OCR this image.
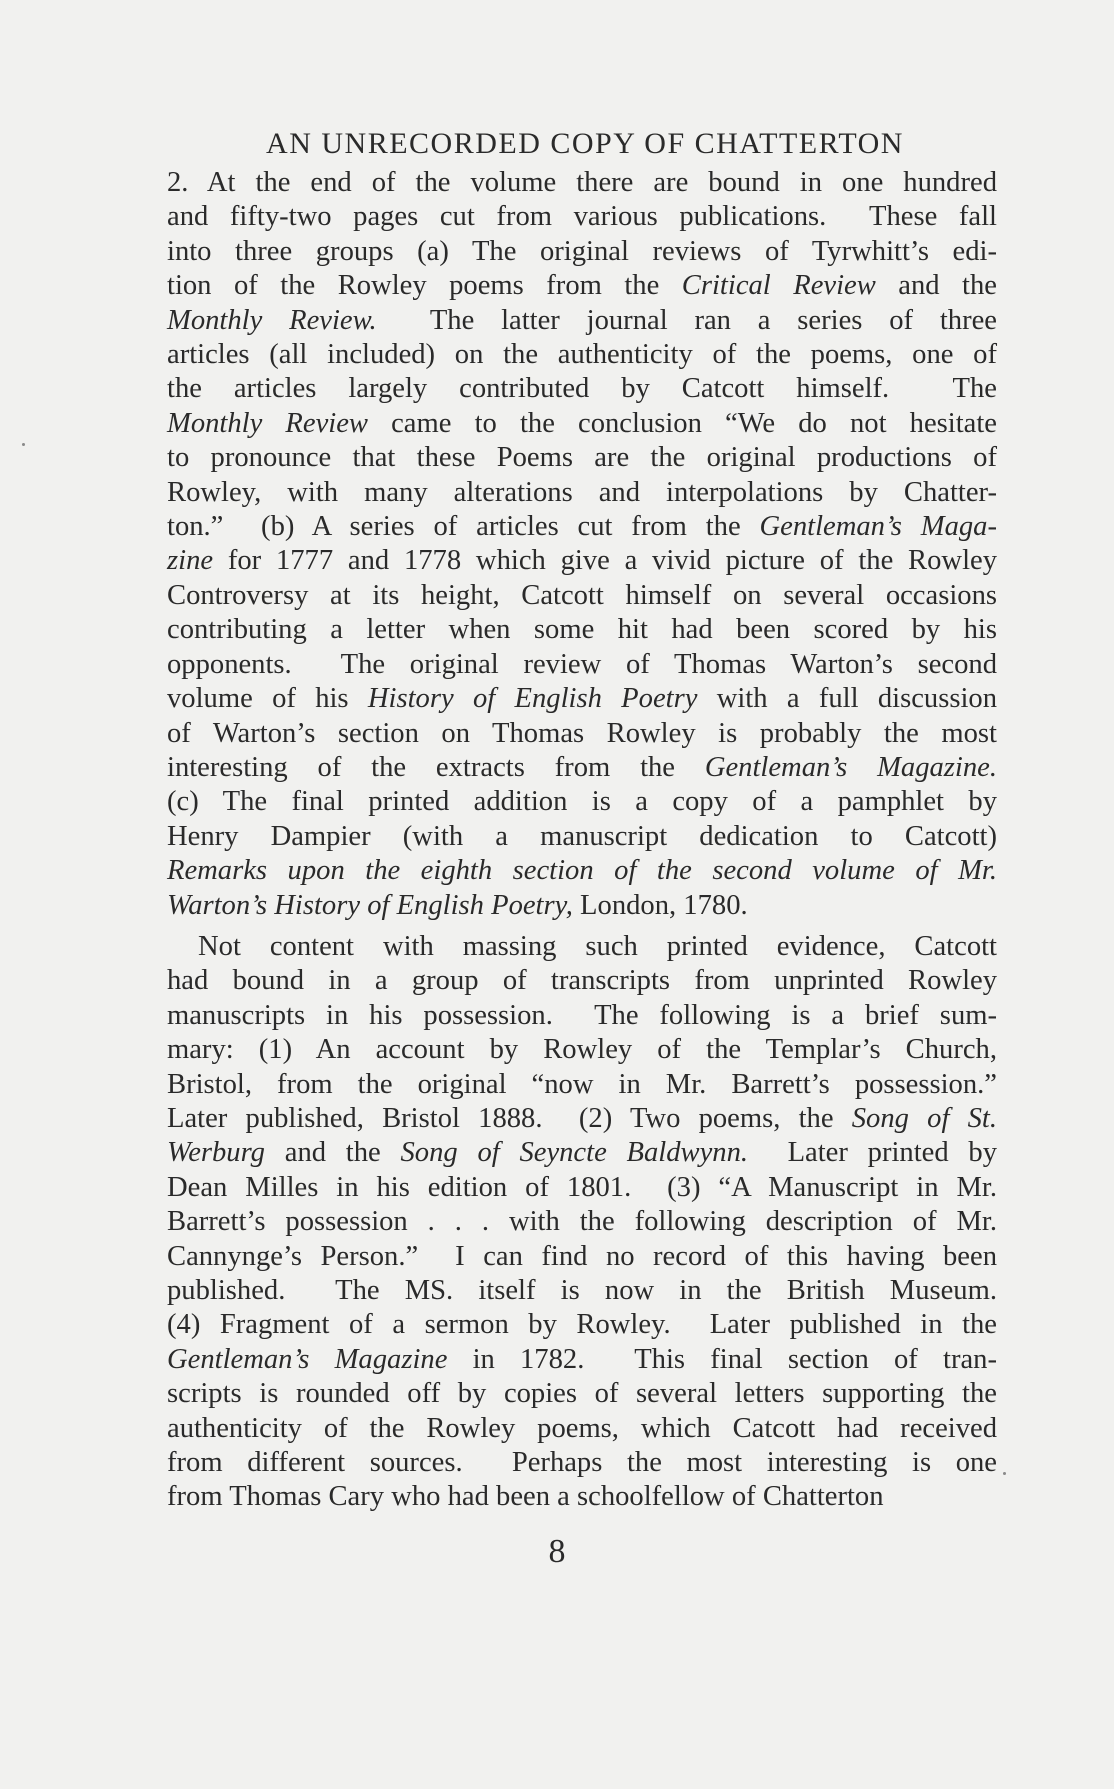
AN UNRECORDED COPY OF CHATTERTON

2. At the end of the volume there are bound in one hundred
and fifty-two pages cut from various publications.  These fall
into three groups (a) The original reviews of Tyrwhitt’s edi-
tion of the Rowley poems from the Critical Review and the
Monthly Review.  The latter journal ran a series of three
articles (all included) on the authenticity of the poems, one of
the articles largely contributed by Catcott himself.  The
Monthly Review came to the conclusion “We do not hesitate
to pronounce that these Poems are the original productions of
Rowley, with many alterations and interpolations by Chatter-
ton.”  (b) A series of articles cut from the Gentleman’s Maga-
zine for 1777 and 1778 which give a vivid picture of the Rowley
Controversy at its height, Catcott himself on several occasions
contributing a letter when some hit had been scored by his
opponents.  The original review of Thomas Warton’s second
volume of his History of English Poetry with a full discussion
of Warton’s section on Thomas Rowley is probably the most
interesting of the extracts from the Gentleman’s Magazine.
(c) The final printed addition is a copy of a pamphlet by
Henry Dampier (with a manuscript dedication to Catcott)
Remarks upon the eighth section of the second volume of Mr.
Warton’s History of English Poetry, London, 1780.

Not content with massing such printed evidence, Catcott
had bound in a group of transcripts from unprinted Rowley
manuscripts in his possession.  The following is a brief sum-
mary: (1) An account by Rowley of the Templar’s Church,
Bristol, from the original “now in Mr. Barrett’s possession.”
Later published, Bristol 1888.  (2) Two poems, the Song of St.
Werburg and the Song of Seyncte Baldwynn.  Later printed by
Dean Milles in his edition of 1801.  (3) “A Manuscript in Mr.
Barrett’s possession . . . with the following description of Mr.
Cannynge’s Person.”  I can find no record of this having been
published.  The MS. itself is now in the British Museum.
(4) Fragment of a sermon by Rowley.  Later published in the
Gentleman’s Magazine in 1782.  This final section of tran-
scripts is rounded off by copies of several letters supporting the
authenticity of the Rowley poems, which Catcott had received
from different sources.  Perhaps the most interesting is one
from Thomas Cary who had been a schoolfellow of Chatterton

8
